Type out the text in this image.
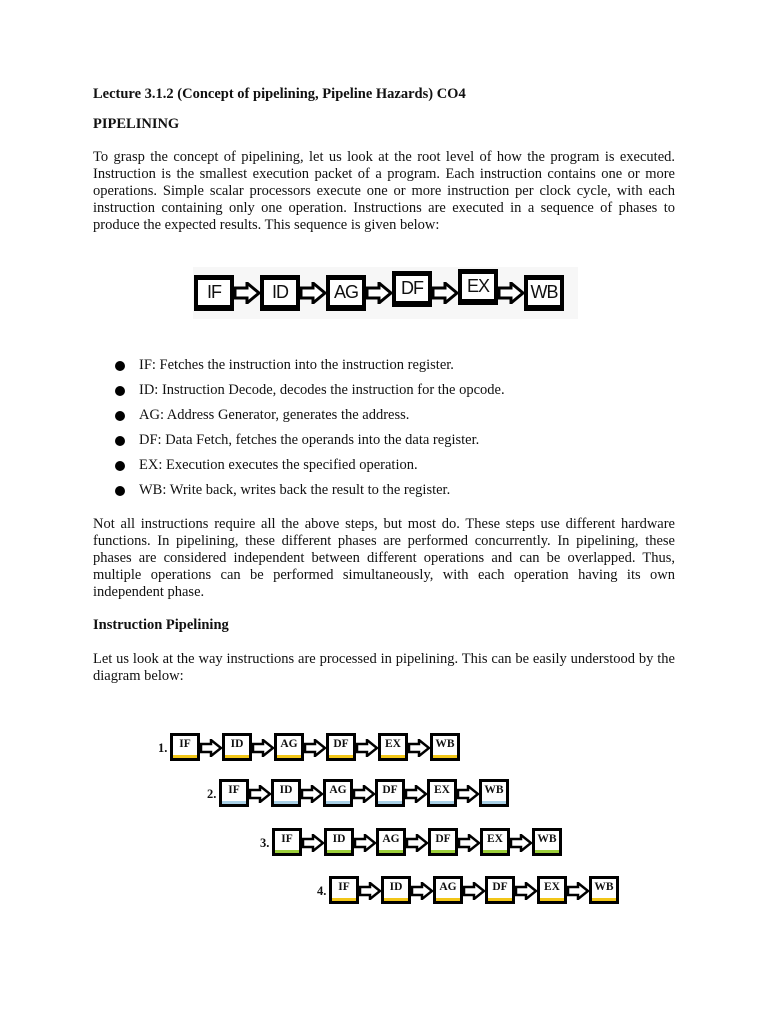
Lecture 3.1.2 (Concept of pipelining, Pipeline Hazards) CO4
PIPELINING

To grasp the concept of pipelining, let us look at the root level of how the program is executed. Instruction is the smallest execution packet of a program. Each instruction contains one or more operations. Simple scalar processors execute one or more instruction per clock cycle, with each instruction containing only one operation. Instructions are executed in a sequence of phases to produce the expected results. This sequence is given below:

IF: Fetches the instruction into the instruction register.
ID: Instruction Decode, decodes the instruction for the opcode.
AG: Address Generator, generates the address.
DF: Data Fetch, fetches the operands into the data register.
EX: Execution executes the specified operation.
WB: Write back, writes back the result to the register.

Not all instructions require all the above steps, but most do. These steps use different hardware functions. In pipelining, these different phases are performed concurrently. In pipelining, these phases are considered independent between different operations and can be overlapped. Thus, multiple operations can be performed simultaneously, with each operation having its own independent phase.

Instruction Pipelining

Let us look at the way instructions are processed in pipelining. This can be easily understood by the diagram below:

IF	ID	AG	DF	EX	WB
1. IF	ID	AG	DF	EX	WB
2. IF	ID	AG	DF	EX	WB
3. IF	ID	AG	DF	EX	WB
4. IF	ID	AG	DF	EX	WB
